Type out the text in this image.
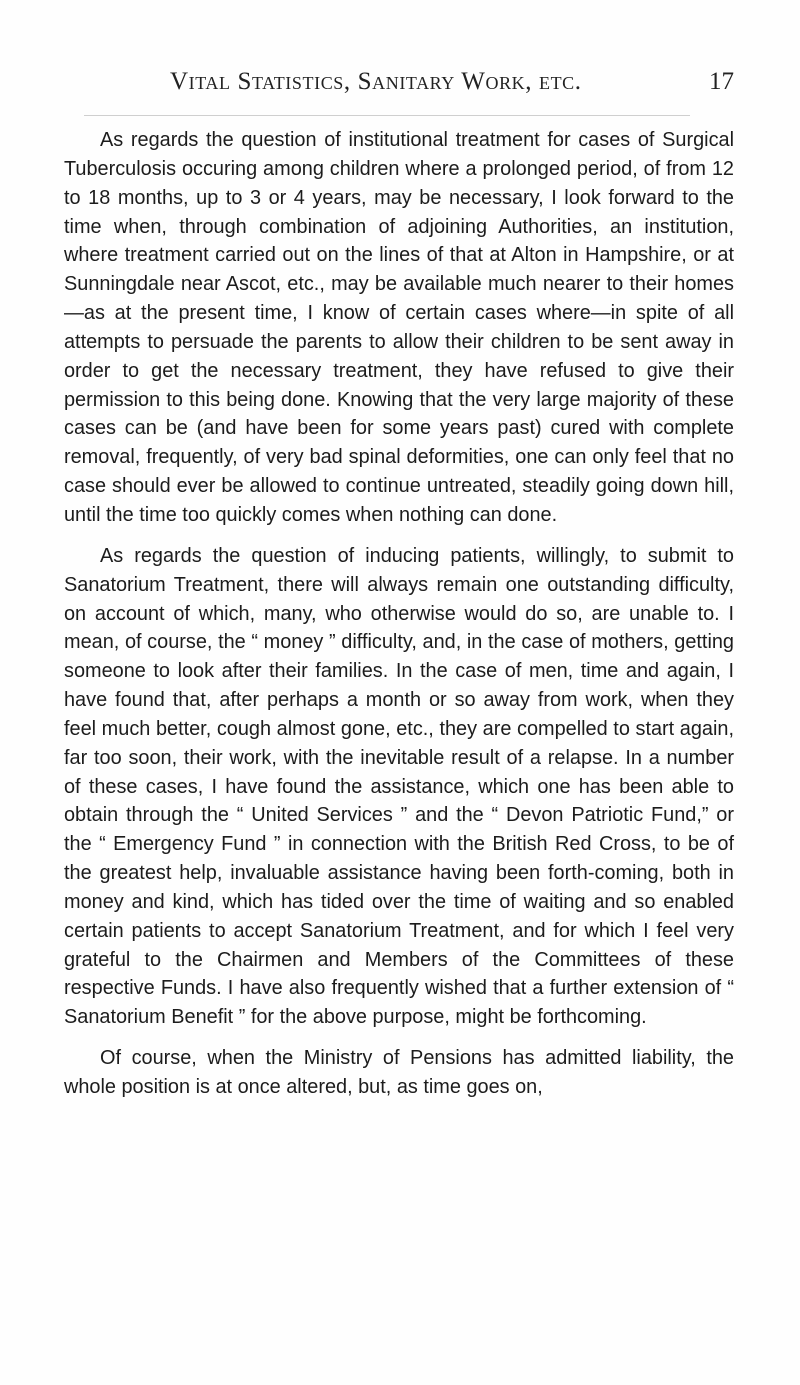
Vital Statistics, Sanitary Work, etc.	17

As regards the question of institutional treatment for cases of Surgical Tuberculosis occuring among children where a prolonged period, of from 12 to 18 months, up to 3 or 4 years, may be necessary, I look forward to the time when, through combination of adjoining Authorities, an institution, where treatment carried out on the lines of that at Alton in Hampshire, or at Sunningdale near Ascot, etc., may be available much nearer to their homes—as at the present time, I know of certain cases where—in spite of all attempts to persuade the parents to allow their children to be sent away in order to get the necessary treatment, they have refused to give their permission to this being done. Knowing that the very large majority of these cases can be (and have been for some years past) cured with complete removal, frequently, of very bad spinal deformities, one can only feel that no case should ever be allowed to continue untreated, steadily going down hill, until the time too quickly comes when nothing can done.

As regards the question of inducing patients, willingly, to submit to Sanatorium Treatment, there will always remain one outstanding difficulty, on account of which, many, who otherwise would do so, are unable to. I mean, of course, the “ money ” difficulty, and, in the case of mothers, getting someone to look after their families. In the case of men, time and again, I have found that, after perhaps a month or so away from work, when they feel much better, cough almost gone, etc., they are compelled to start again, far too soon, their work, with the inevitable result of a relapse. In a number of these cases, I have found the assistance, which one has been able to obtain through the “ United Services ” and the “ Devon Patriotic Fund,” or the “ Emergency Fund ” in connection with the British Red Cross, to be of the greatest help, invaluable assistance having been forth-coming, both in money and kind, which has tided over the time of waiting and so enabled certain patients to accept Sanatorium Treatment, and for which I feel very grateful to the Chairmen and Members of the Committees of these respective Funds. I have also frequently wished that a further extension of “ Sanatorium Benefit ” for the above purpose, might be forthcoming.

Of course, when the Ministry of Pensions has admitted liability, the whole position is at once altered, but, as time goes on,
